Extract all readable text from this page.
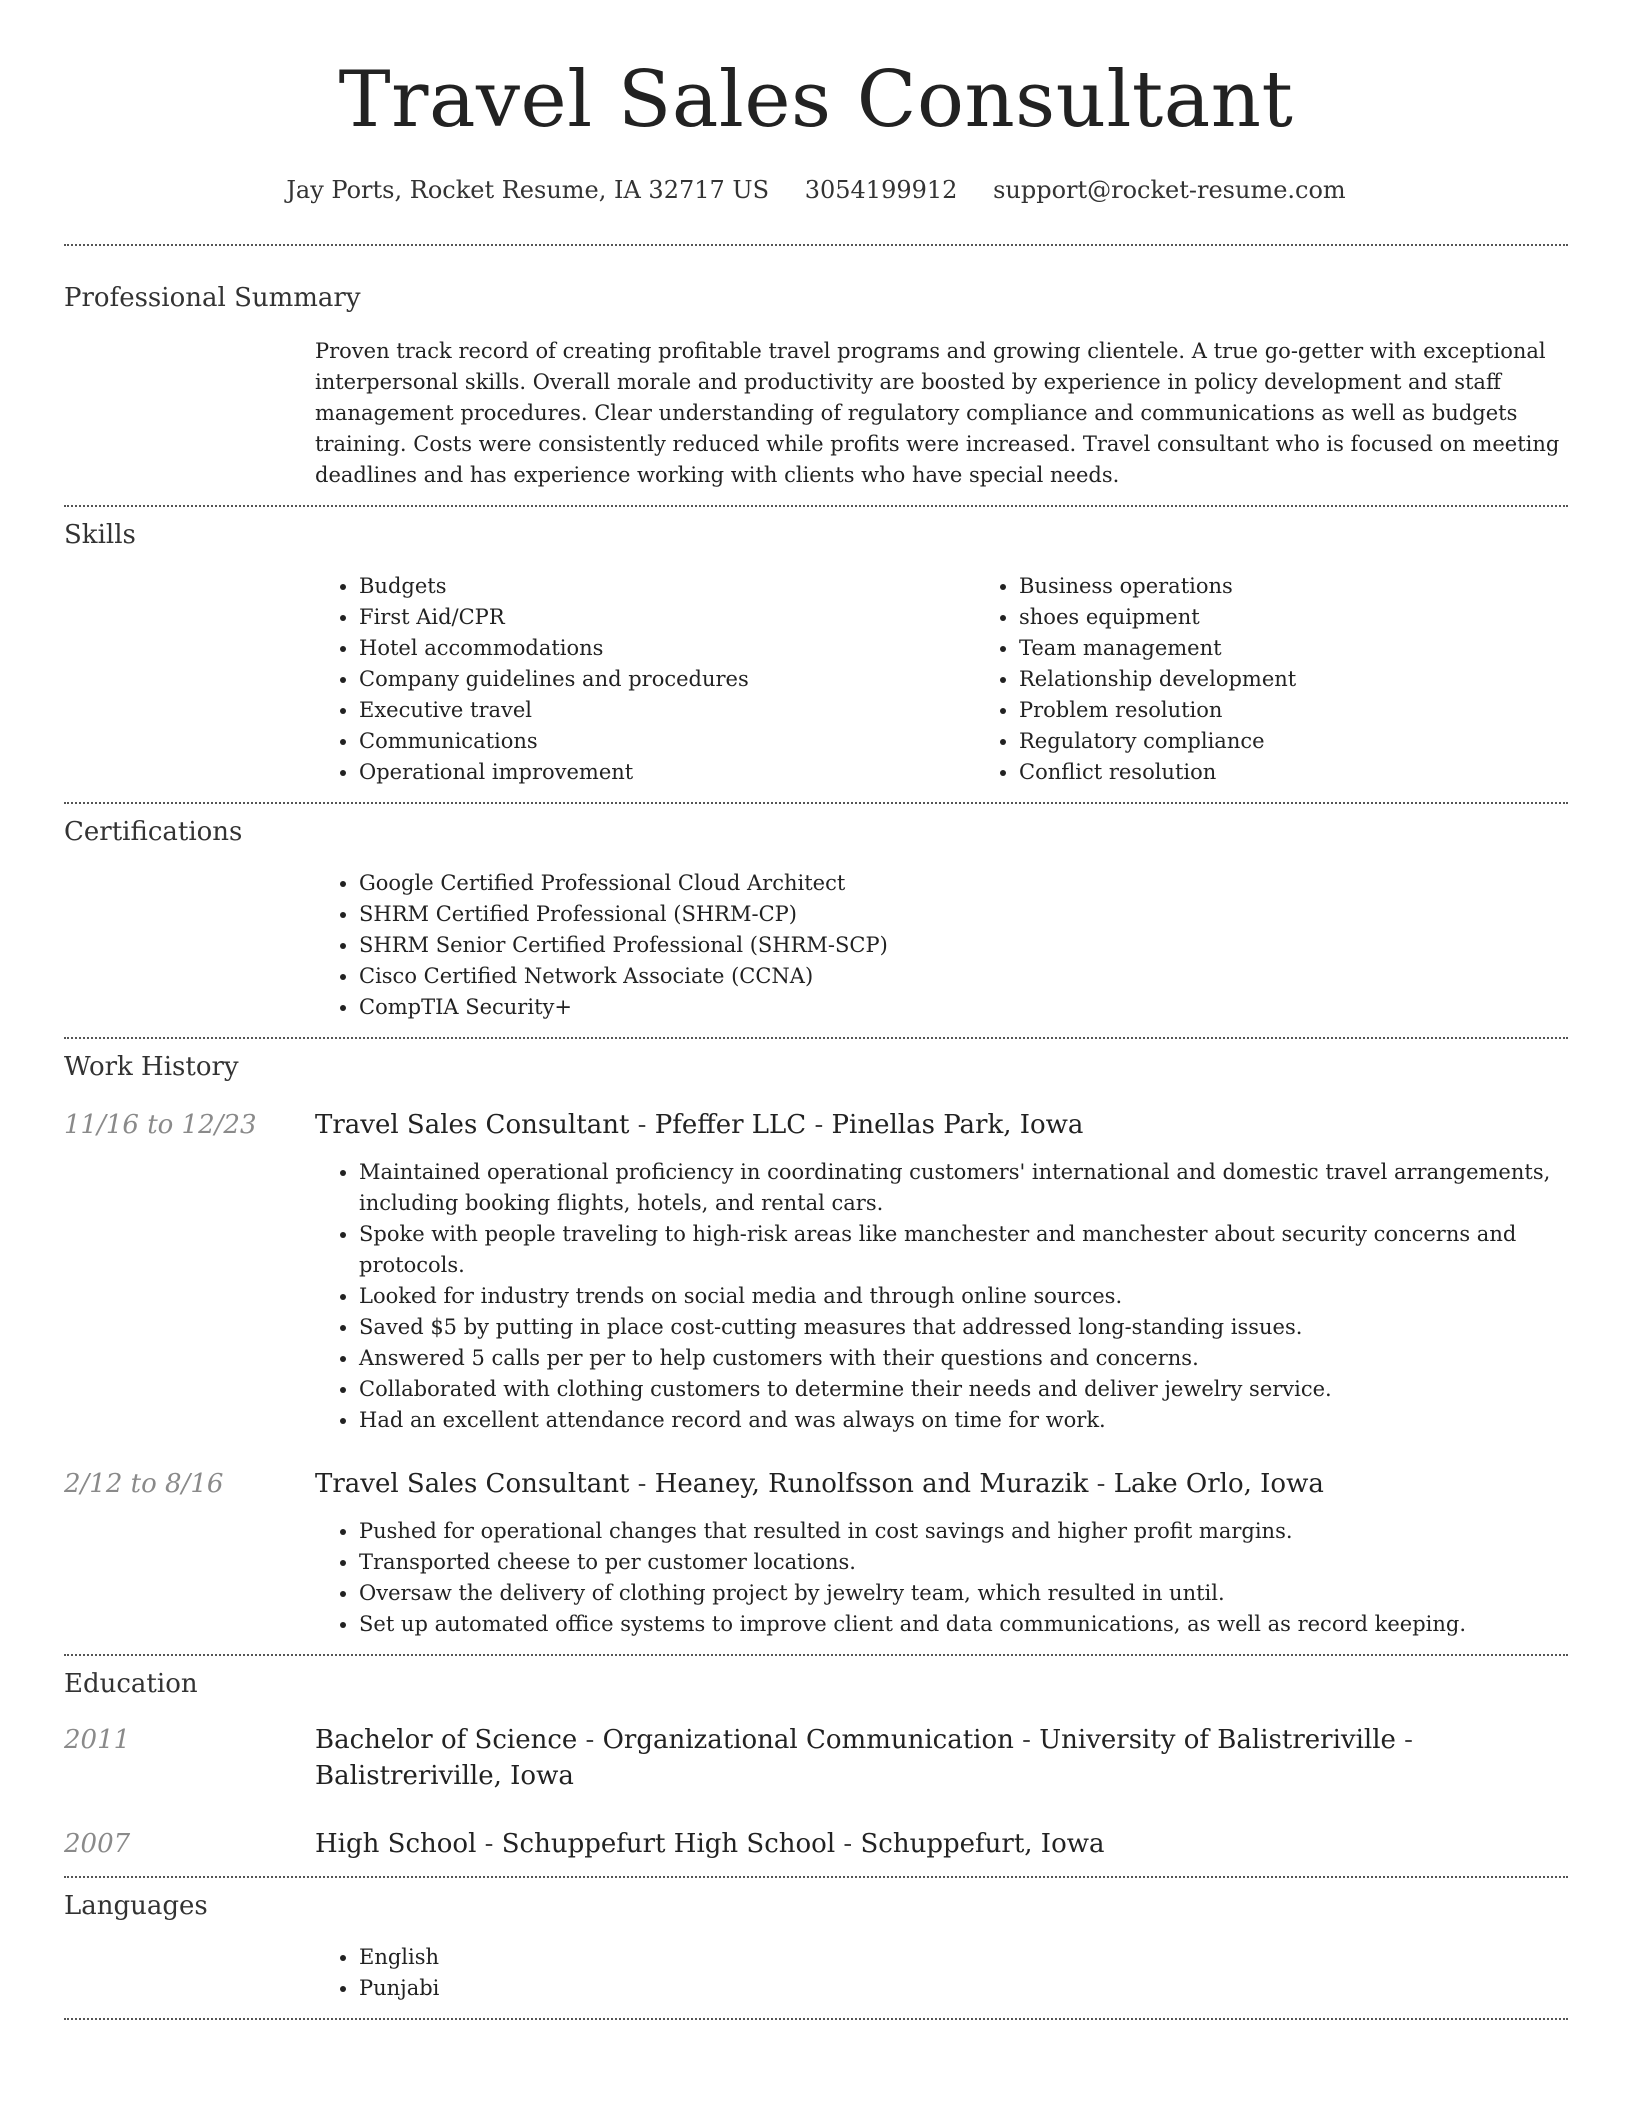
Travel Sales Consultant
Jay Ports, Rocket Resume, IA 32717 US 3054199912 support@rocket-resume.com
Professional Summary

Proven track record of creating profitable travel programs and growing clientele. A true go-getter with exceptional interpersonal skills. Overall morale and productivity are boosted by experience in policy development and staff management procedures. Clear understanding of regulatory compliance and communications as well as budgets training. Costs were consistently reduced while profits were increased. Travel consultant who is focused on meeting deadlines and has experience working with clients who have special needs.

Skills
• Budgets
• First Aid/CPR
• Hotel accommodations
• Company guidelines and procedures
• Executive travel
• Communications
• Operational improvement
• Business operations
• shoes equipment
• Team management
• Relationship development
• Problem resolution
• Regulatory compliance
• Conflict resolution
Certifications
• Google Certified Professional Cloud Architect
• SHRM Certified Professional (SHRM-CP)
• SHRM Senior Certified Professional (SHRM-SCP)
• Cisco Certified Network Associate (CCNA)
• CompTIA Security+
Work History
11/16 to 12/23	Travel Sales Consultant - Pfeffer LLC - Pinellas Park, Iowa
• Maintained operational proficiency in coordinating customers' international and domestic travel arrangements, including booking flights, hotels, and rental cars.
• Spoke with people traveling to high-risk areas like manchester and manchester about security concerns and protocols.
• Looked for industry trends on social media and through online sources.
• Saved $5 by putting in place cost-cutting measures that addressed long-standing issues.
• Answered 5 calls per per to help customers with their questions and concerns.
• Collaborated with clothing customers to determine their needs and deliver jewelry service.
• Had an excellent attendance record and was always on time for work.
2/12 to 8/16	Travel Sales Consultant - Heaney, Runolfsson and Murazik - Lake Orlo, Iowa
• Pushed for operational changes that resulted in cost savings and higher profit margins.
• Transported cheese to per customer locations.
• Oversaw the delivery of clothing project by jewelry team, which resulted in until.
• Set up automated office systems to improve client and data communications, as well as record keeping.
Education
2011	Bachelor of Science - Organizational Communication - University of Balistreriville - Balistreriville, Iowa
2007	High School - Schuppefurt High School - Schuppefurt, Iowa
Languages
• English
• Punjabi
